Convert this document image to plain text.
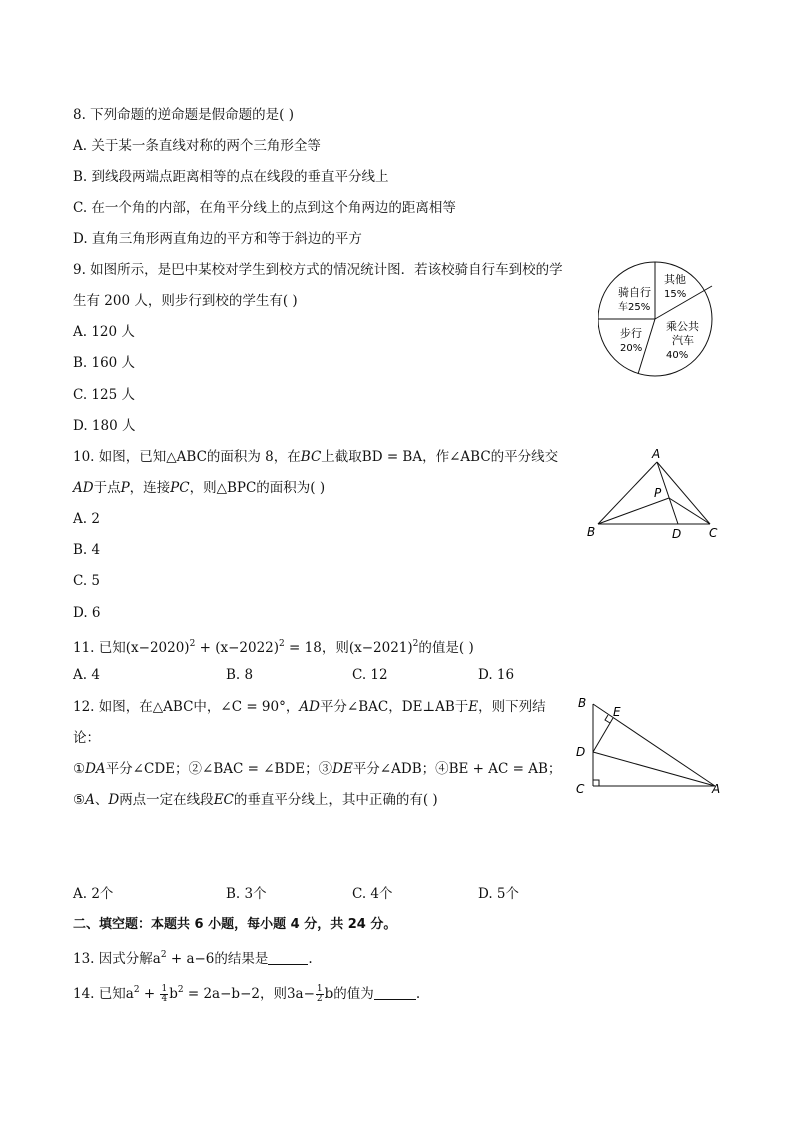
8. 下列命题的逆命题是假命题的是( )
A. 关于某一条直线对称的两个三角形全等
B. 到线段两端点距离相等的点在线段的垂直平分线上
C. 在一个角的内部，在角平分线上的点到这个角两边的距离相等
D. 直角三角形两直角边的平方和等于斜边的平方
9. 如图所示，是巴中某校对学生到校方式的情况统计图．若该校骑自行车到校的学
生有 200 人，则步行到校的学生有( )
A. 120 人
B. 160 人
C. 125 人
D. 180 人
其他
15%
骑自行
车25%
步行
20%
乘公共
汽车
40%
10. 如图，已知△ABC的面积为 8，在BC上截取BD = BA，作∠ABC的平分线交
AD于点P，连接PC，则△BPC的面积为( )
A. 2
B. 4
C. 5
D. 6
A
P
B	D C
11. 已知$(x-2020)^2 + (x-2022)^2 = 18$，则$(x-2021)^2$的值是( )
A. 4	B. 8	C. 12	D. 16
12. 如图，在△ABC中，∠C = 90°，AD平分∠BAC，DE⊥AB于E，则下列结
论：
①DA平分∠CDE；②∠BAC = ∠BDE；③DE平分∠ADB；④BE + AC = AB；
⑤A、D两点一定在线段EC的垂直平分线上，其中正确的有( )
A. 2个	B. 3个	C. 4个	D. 5个
B
E
D
C	A
二、填空题：本题共 6 小题，每小题 4 分，共 24 分。
13. 因式分解$a^2 + a-6$的结果是	.
14. 已知$a^2 + \frac{1}{4} b^2 = 2a-b-2$，则$3a- \frac{1}{2}$ b的值为	.
